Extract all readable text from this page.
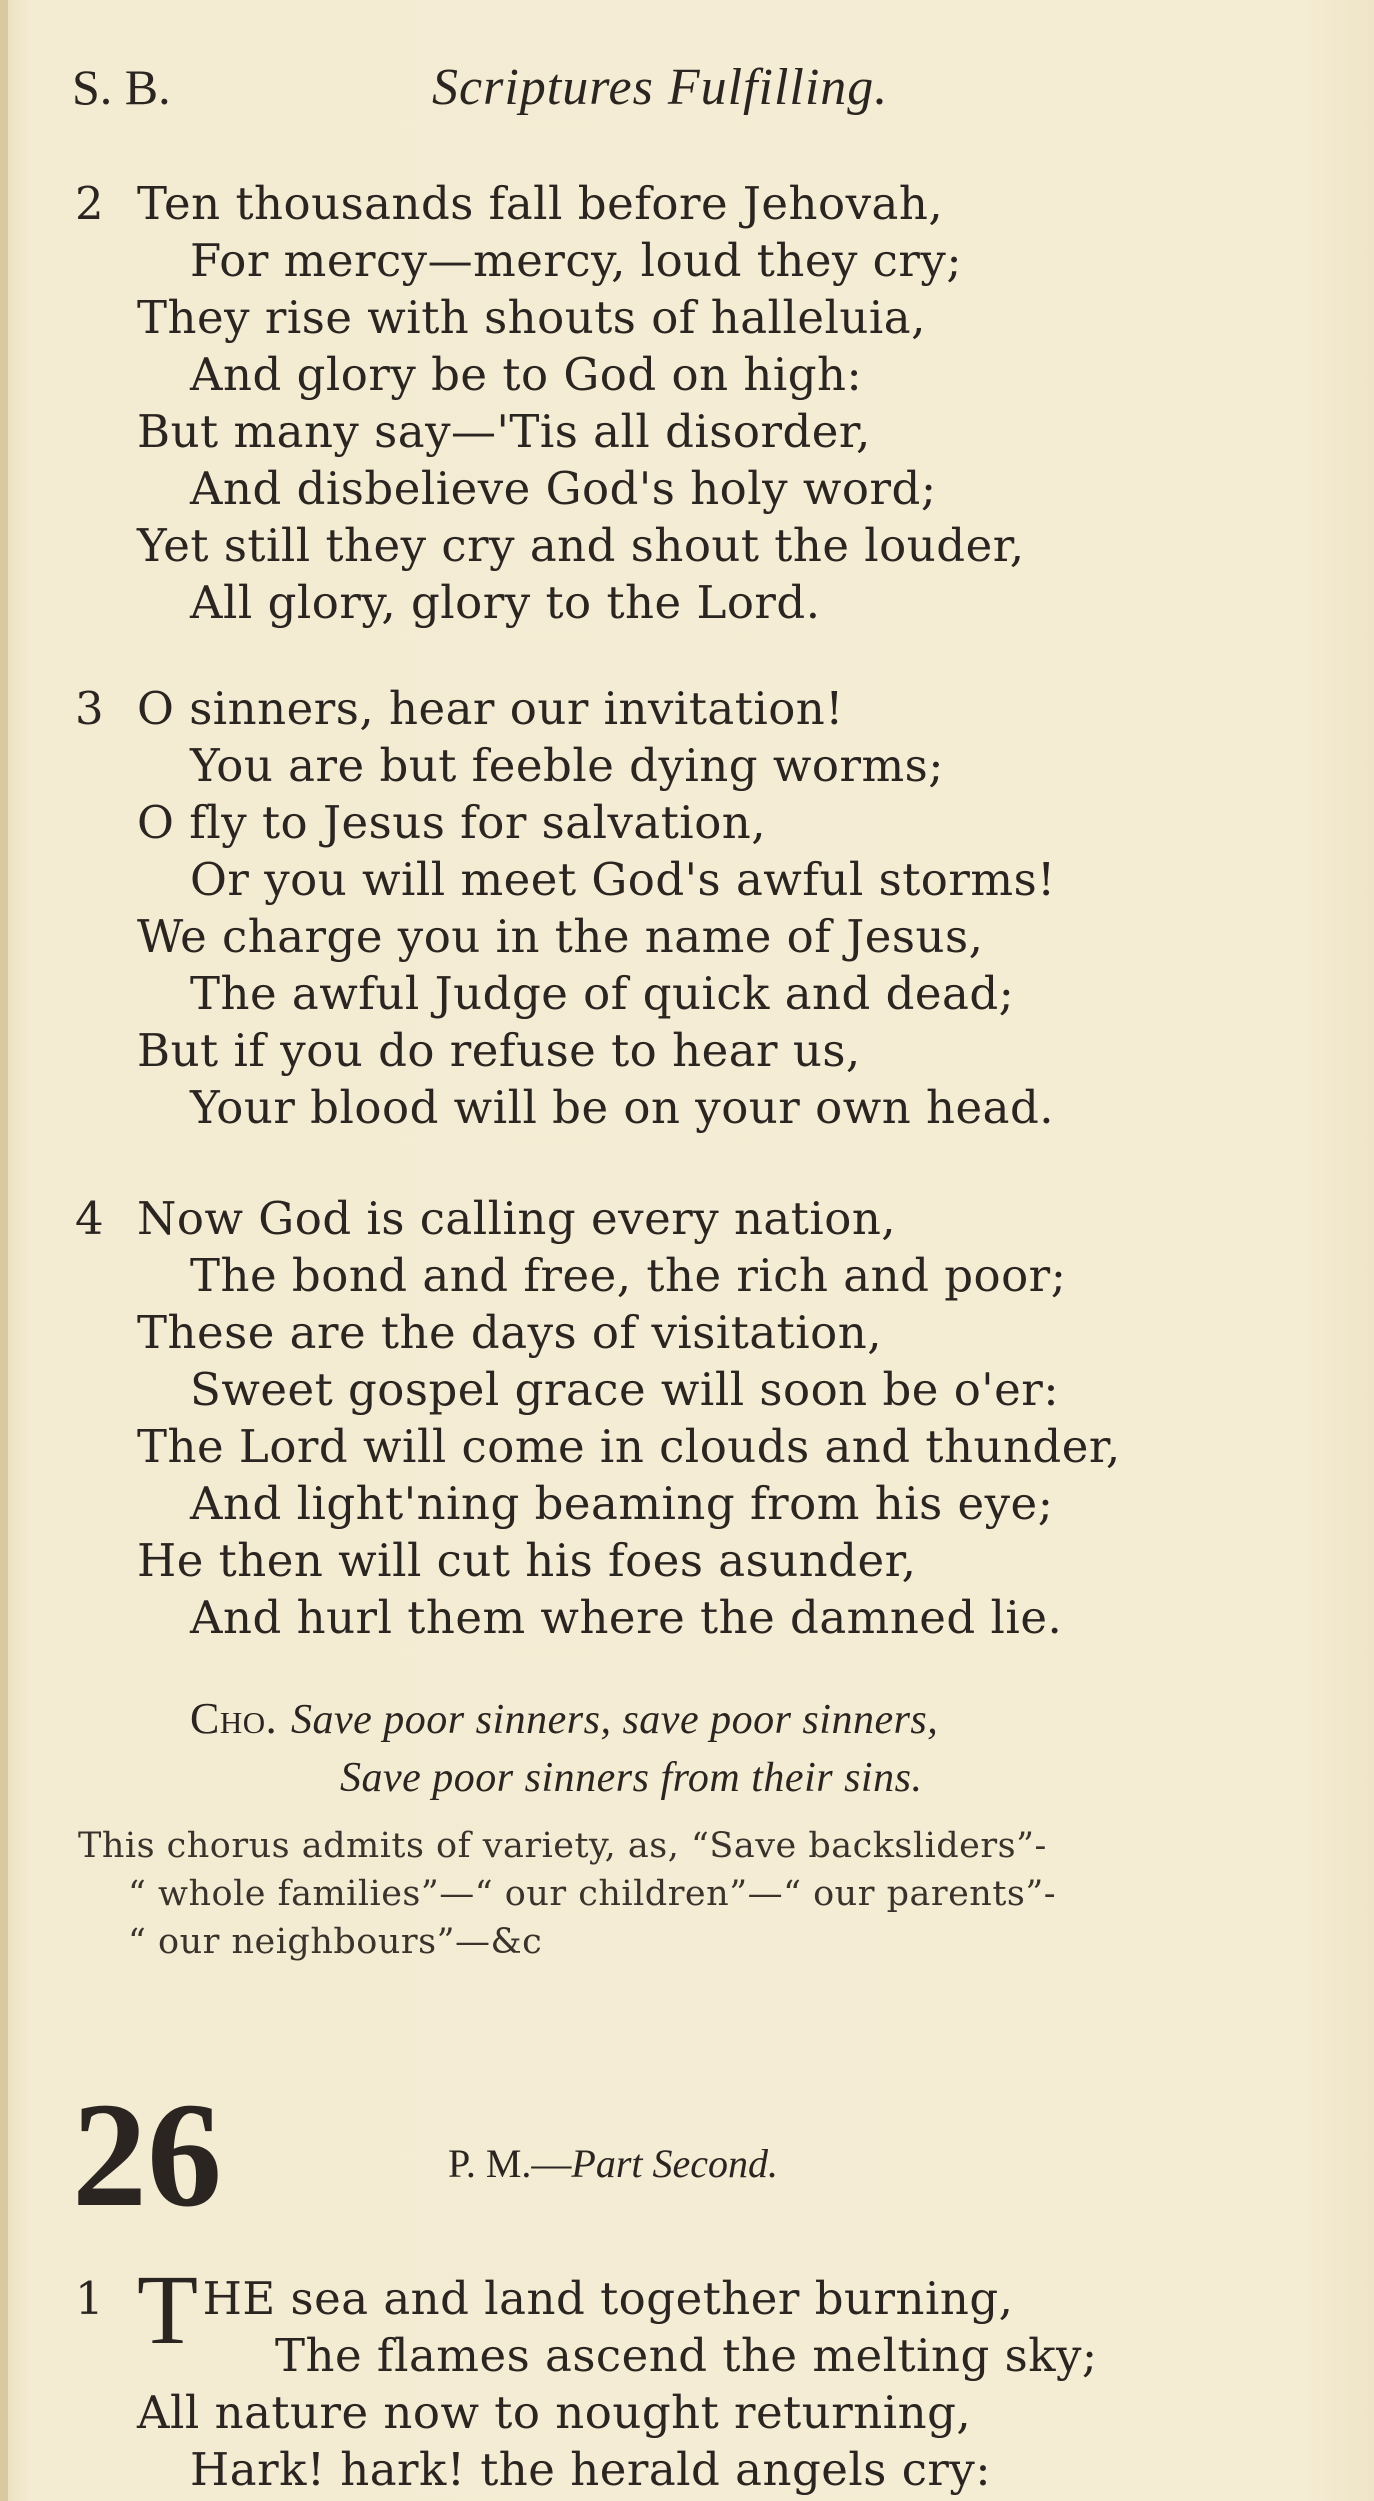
S. B.	Scriptures Fulfilling.
2 Ten thousands fall before Jehovah,
For mercy—mercy, loud they cry;
They rise with shouts of halleluia,
And glory be to God on high:
But many say—'Tis all disorder,
And disbelieve God's holy word;
Yet still they cry and shout the louder,
All glory, glory to the Lord.
3 O sinners, hear our invitation!
You are but feeble dying worms;
O fly to Jesus for salvation,
Or you will meet God's awful storms!
We charge you in the name of Jesus,
The awful Judge of quick and dead;
But if you do refuse to hear us,
Your blood will be on your own head.
4 Now God is calling every nation,
The bond and free, the rich and poor;
These are the days of visitation,
Sweet gospel grace will soon be o'er:
The Lord will come in clouds and thunder,
And light'ning beaming from his eye;
He then will cut his foes asunder,
And hurl them where the damned lie.
Cho. Save poor sinners, save poor sinners,
Save poor sinners from their sins.
This chorus admits of variety, as, “Save backsliders”-
“ whole families”—“ our children”—“ our parents”-
“ our neighbours”—&c
26	P. M.—Part Second.
1 THE sea and land together burning,
The flames ascend the melting sky;
All nature now to nought returning,
Hark! hark! the herald angels cry:
